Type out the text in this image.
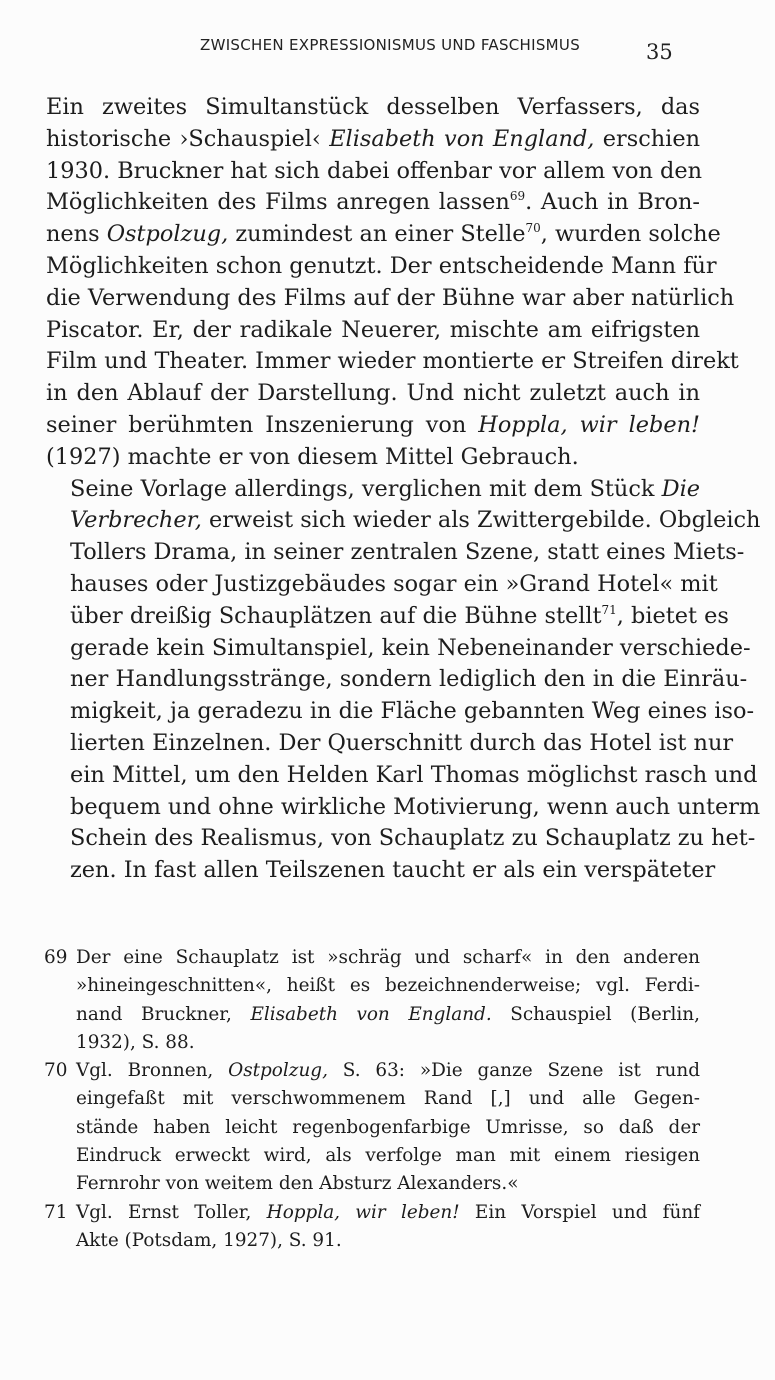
ZWISCHEN EXPRESSIONISMUS UND FASCHISMUS	35

Ein zweites Simultanstück desselben Verfassers, das
historische ›Schauspiel‹ Elisabeth von England, erschien
1930. Bruckner hat sich dabei offenbar vor allem von den
Möglichkeiten des Films anregen lassen$^{69}$. Auch in Bron-
nens Ostpolzug, zumindest an einer Stelle$^{70}$, wurden solche
Möglichkeiten schon genutzt. Der entscheidende Mann für
die Verwendung des Films auf der Bühne war aber natürlich
Piscator. Er, der radikale Neuerer, mischte am eifrigsten
Film und Theater. Immer wieder montierte er Streifen direkt
in den Ablauf der Darstellung. Und nicht zuletzt auch in
seiner berühmten Inszenierung von Hoppla, wir leben!
(1927) machte er von diesem Mittel Gebrauch.

Seine Vorlage allerdings, verglichen mit dem Stück Die
Verbrecher, erweist sich wieder als Zwittergebilde. Obgleich
Tollers Drama, in seiner zentralen Szene, statt eines Miets-
hauses oder Justizgebäudes sogar ein »Grand Hotel« mit
über dreißig Schauplätzen auf die Bühne stellt$^{71}$, bietet es
gerade kein Simultanspiel, kein Nebeneinander verschiede-
ner Handlungsstränge, sondern lediglich den in die Einräu-
migkeit, ja geradezu in die Fläche gebannten Weg eines iso-
lierten Einzelnen. Der Querschnitt durch das Hotel ist nur
ein Mittel, um den Helden Karl Thomas möglichst rasch und
bequem und ohne wirkliche Motivierung, wenn auch unterm
Schein des Realismus, von Schauplatz zu Schauplatz zu het-
zen. In fast allen Teilszenen taucht er als ein verspäteter

69 Der eine Schauplatz ist »schräg und scharf« in den anderen
»hineingeschnitten«, heißt es bezeichnenderweise; vgl. Ferdi-
nand Bruckner, Elisabeth von England. Schauspiel (Berlin,
1932), S. 88.
70 Vgl. Bronnen, Ostpolzug, S. 63: »Die ganze Szene ist rund
eingefaßt mit verschwommenem Rand [,] und alle Gegen-
stände haben leicht regenbogenfarbige Umrisse, so daß der
Eindruck erweckt wird, als verfolge man mit einem riesigen
Fernrohr von weitem den Absturz Alexanders.«
71 Vgl. Ernst Toller, Hoppla, wir leben! Ein Vorspiel und fünf
Akte (Potsdam, 1927), S. 91.
